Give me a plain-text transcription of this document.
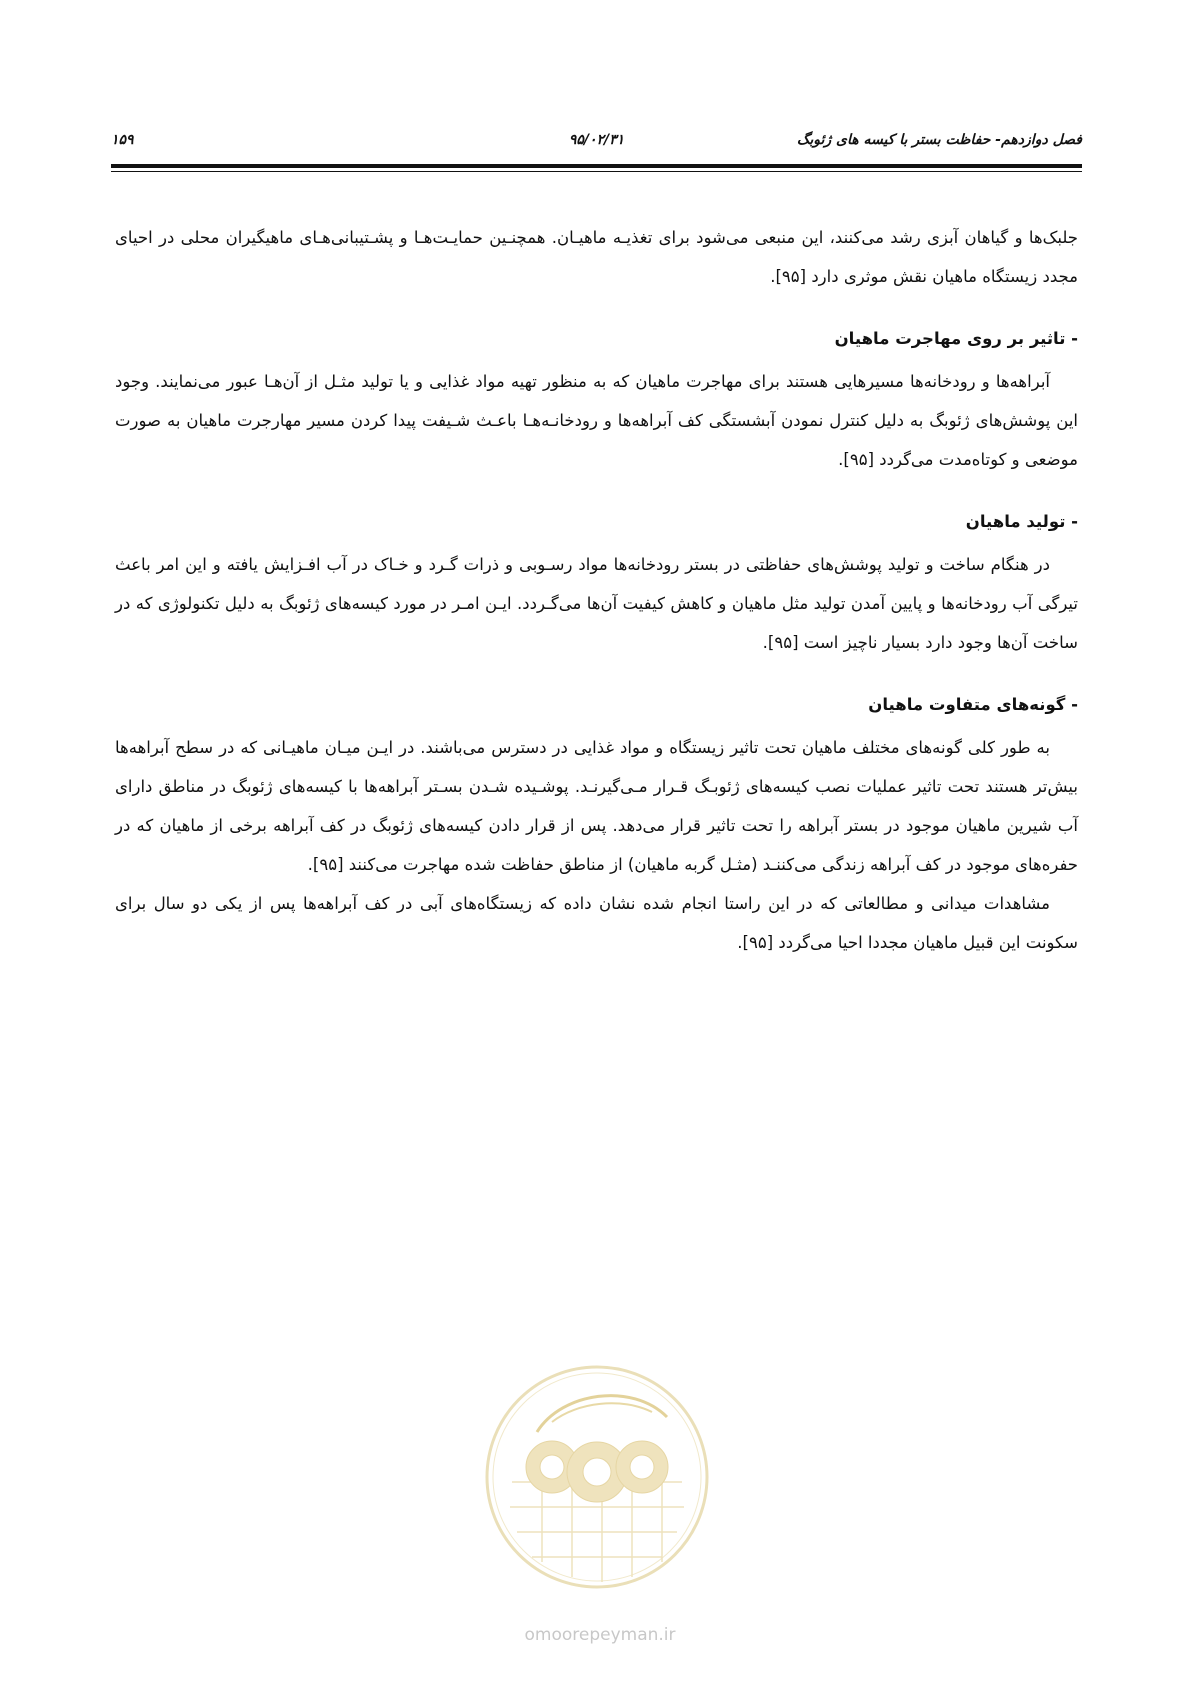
فصل دوازدهم- حفاظت بستر با کیسه های ژئوبگ
۹۵/۰۲/۳۱
۱۵۹

جلبک‌ها و گیاهان آبزی رشد می‌کنند، این منبعی می‌شود برای تغذیـه ماهیـان. همچنـین حمایـت‌هـا و پشـتیبانی‌هـای ماهیگیران محلی در احیای مجدد زیستگاه ماهیان نقش موثری دارد [۹۵].

- تاثیر بر روی مهاجرت ماهیان

آبراهه‌ها و رودخانه‌ها مسیرهایی هستند برای مهاجرت ماهیان که به منظور تهیه مواد غذایی و یا تولید مثـل از آن‌هـا عبور می‌نمایند. وجود این پوشش‌های ژئوبگ به دلیل کنترل نمودن آبشستگی کف آبراهه‌ها و رودخانـه‌هـا باعـث شـیفت پیدا کردن مسیر مهارجرت ماهیان به صورت موضعی و کوتاه‌مدت می‌گردد [۹۵].

- تولید ماهیان

در هنگام ساخت و تولید پوشش‌های حفاظتی در بستر رودخانه‌ها مواد رسـوبی و ذرات گـرد و خـاک در آب افـزایش یافته و این امر باعث تیرگی آب رودخانه‌ها و پایین آمدن تولید مثل ماهیان و کاهش کیفیت آن‌ها می‌گـردد. ایـن امـر در مورد کیسه‌های ژئوبگ به دلیل تکنولوژی که در ساخت آن‌ها وجود دارد بسیار ناچیز است [۹۵].

- گونه‌های متفاوت ماهیان

به طور کلی گونه‌های مختلف ماهیان تحت تاثیر زیستگاه و مواد غذایی در دسترس می‌باشند. در ایـن میـان ماهیـانی که در سطح آبراهه‌ها بیش‌تر هستند تحت تاثیر عملیات نصب کیسه‌های ژئوبـگ قـرار مـی‌گیرنـد. پوشـیده شـدن بسـتر آبراهه‌ها با کیسه‌های ژئوبگ در مناطق دارای آب شیرین ماهیان موجود در بستر آبراهه را تحت تاثیر قرار می‌دهد. پس از قرار دادن کیسه‌های ژئوبگ در کف آبراهه برخی از ماهیان که در حفره‌های موجود در کف آبراهه زندگی می‌کننـد (مثـل گربه ماهیان) از مناطق حفاظت شده مهاجرت می‌کنند [۹۵].

مشاهدات میدانی و مطالعاتی که در این راستا انجام شده نشان داده که زیستگاه‌های آبی در کف آبراهه‌ها پس از یکی دو سال برای سکونت این قبیل ماهیان مجددا احیا می‌گردد [۹۵].

omoorepeyman.ir
